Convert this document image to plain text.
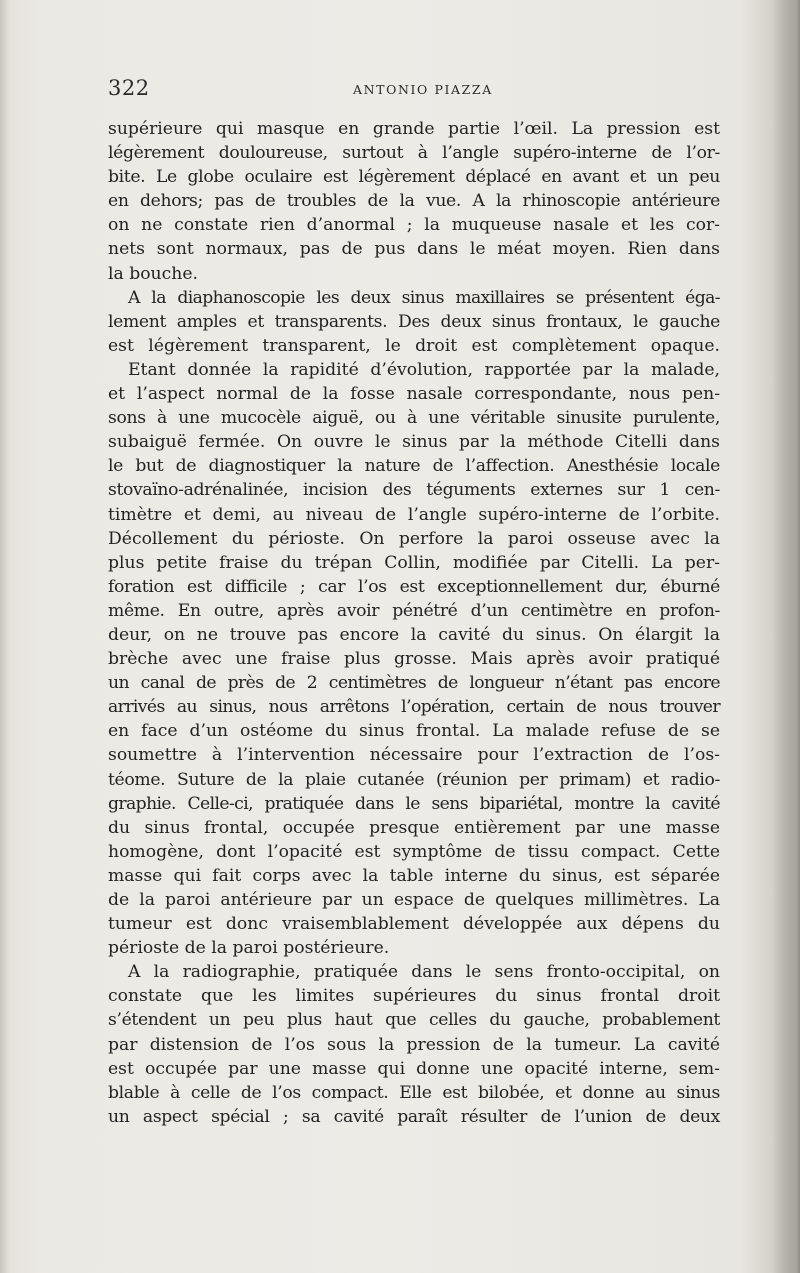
322	ANTONIO PIAZZA
supérieure qui masque en grande partie l’œil. La pression est
légèrement douloureuse, surtout à l’angle supéro-interne de l’or-
bite. Le globe oculaire est légèrement déplacé en avant et un peu
en dehors; pas de troubles de la vue. A la rhinoscopie antérieure
on ne constate rien d’anormal ; la muqueuse nasale et les cor-
nets sont normaux, pas de pus dans le méat moyen. Rien dans
la bouche.
A la diaphanoscopie les deux sinus maxillaires se présentent éga-
lement amples et transparents. Des deux sinus frontaux, le gauche
est légèrement transparent, le droit est complètement opaque.
Etant donnée la rapidité d’évolution, rapportée par la malade,
et l’aspect normal de la fosse nasale correspondante, nous pen-
sons à une mucocèle aiguë, ou à une véritable sinusite purulente,
subaiguë fermée. On ouvre le sinus par la méthode Citelli dans
le but de diagnostiquer la nature de l’affection. Anesthésie locale
stovaïno-adrénalinée, incision des téguments externes sur 1 cen-
timètre et demi, au niveau de l’angle supéro-interne de l’orbite.
Décollement du périoste. On perfore la paroi osseuse avec la
plus petite fraise du trépan Collin, modifiée par Citelli. La per-
foration est difficile ; car l’os est exceptionnellement dur, éburné
même. En outre, après avoir pénétré d’un centimètre en profon-
deur, on ne trouve pas encore la cavité du sinus. On élargit la
brèche avec une fraise plus grosse. Mais après avoir pratiqué
un canal de près de 2 centimètres de longueur n’étant pas encore
arrivés au sinus, nous arrêtons l’opération, certain de nous trouver
en face d’un ostéome du sinus frontal. La malade refuse de se
soumettre à l’intervention nécessaire pour l’extraction de l’os-
téome. Suture de la plaie cutanée (réunion per primam) et radio-
graphie. Celle-ci, pratiquée dans le sens bipariétal, montre la cavité
du sinus frontal, occupée presque entièrement par une masse
homogène, dont l’opacité est symptôme de tissu compact. Cette
masse qui fait corps avec la table interne du sinus, est séparée
de la paroi antérieure par un espace de quelques millimètres. La
tumeur est donc vraisemblablement développée aux dépens du
périoste de la paroi postérieure.
A la radiographie, pratiquée dans le sens fronto-occipital, on
constate que les limites supérieures du sinus frontal droit
s’étendent un peu plus haut que celles du gauche, probablement
par distension de l’os sous la pression de la tumeur. La cavité
est occupée par une masse qui donne une opacité interne, sem-
blable à celle de l’os compact. Elle est bilobée, et donne au sinus
un aspect spécial ; sa cavité paraît résulter de l’union de deux
